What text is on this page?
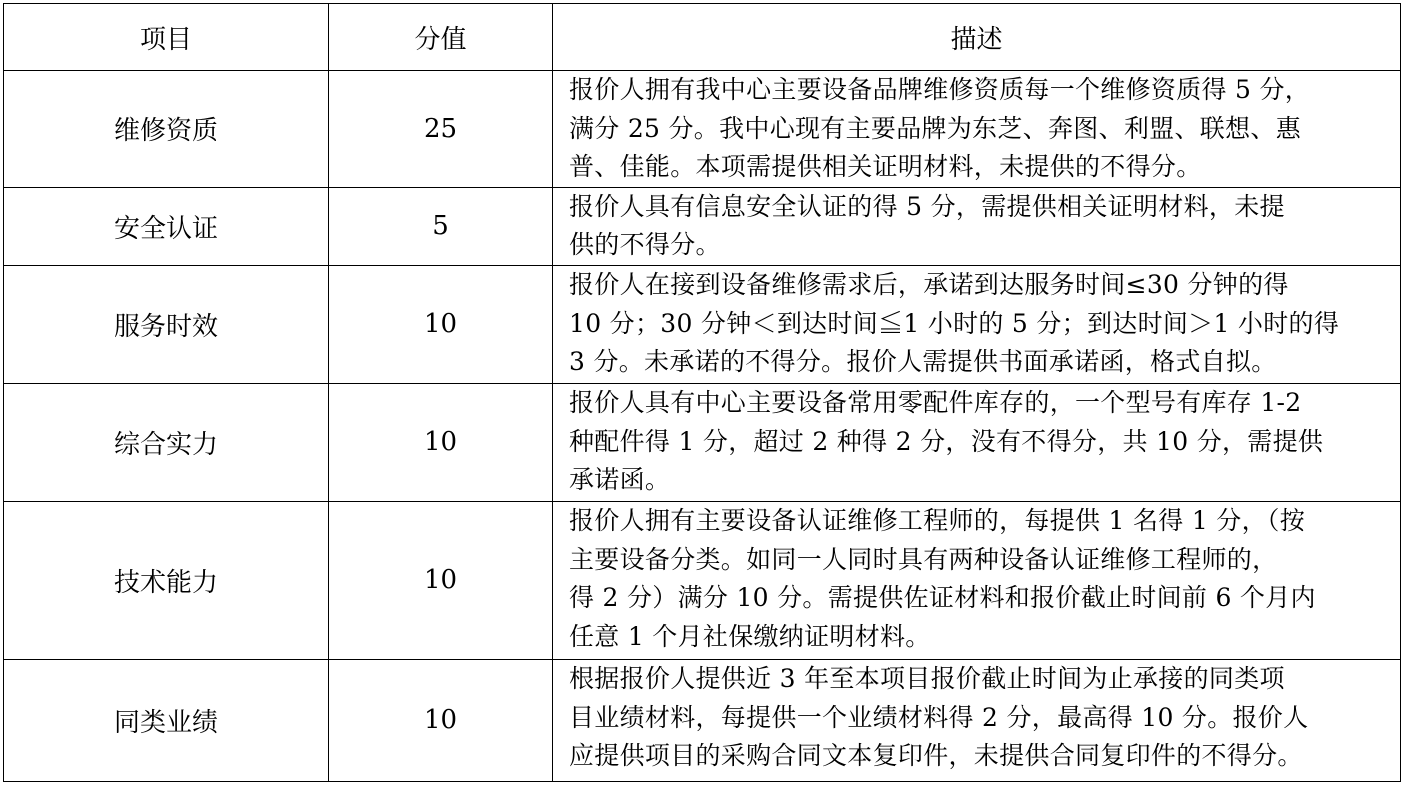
项目	分值	描述
维修资质	25	报价人拥有我中心主要设备品牌维修资质每一个维修资质得 5 分，
满分 25 分。我中心现有主要品牌为东芝、奔图、利盟、联想、惠
普、佳能。本项需提供相关证明材料，未提供的不得分。

安全认证	5	报价人具有信息安全认证的得 5 分，需提供相关证明材料，未提
供的不得分。

服务时效	10	报价人在接到设备维修需求后，承诺到达服务时间≤30 分钟的得
10 分；30 分钟＜到达时间≦1 小时的 5 分；到达时间＞1 小时的得
3 分。未承诺的不得分。报价人需提供书面承诺函，格式自拟。

综合实力	10	报价人具有中心主要设备常用零配件库存的，一个型号有库存 1-2
种配件得 1 分，超过 2 种得 2 分，没有不得分，共 10 分，需提供
承诺函。

技术能力	10	报价人拥有主要设备认证维修工程师的，每提供 1 名得 1 分，（按
主要设备分类。如同一人同时具有两种设备认证维修工程师的，
得 2 分）满分 10 分。需提供佐证材料和报价截止时间前 6 个月内
任意 1 个月社保缴纳证明材料。

同类业绩	10	根据报价人提供近 3 年至本项目报价截止时间为止承接的同类项
目业绩材料，每提供一个业绩材料得 2 分，最高得 10 分。报价人
应提供项目的采购合同文本复印件，未提供合同复印件的不得分。
